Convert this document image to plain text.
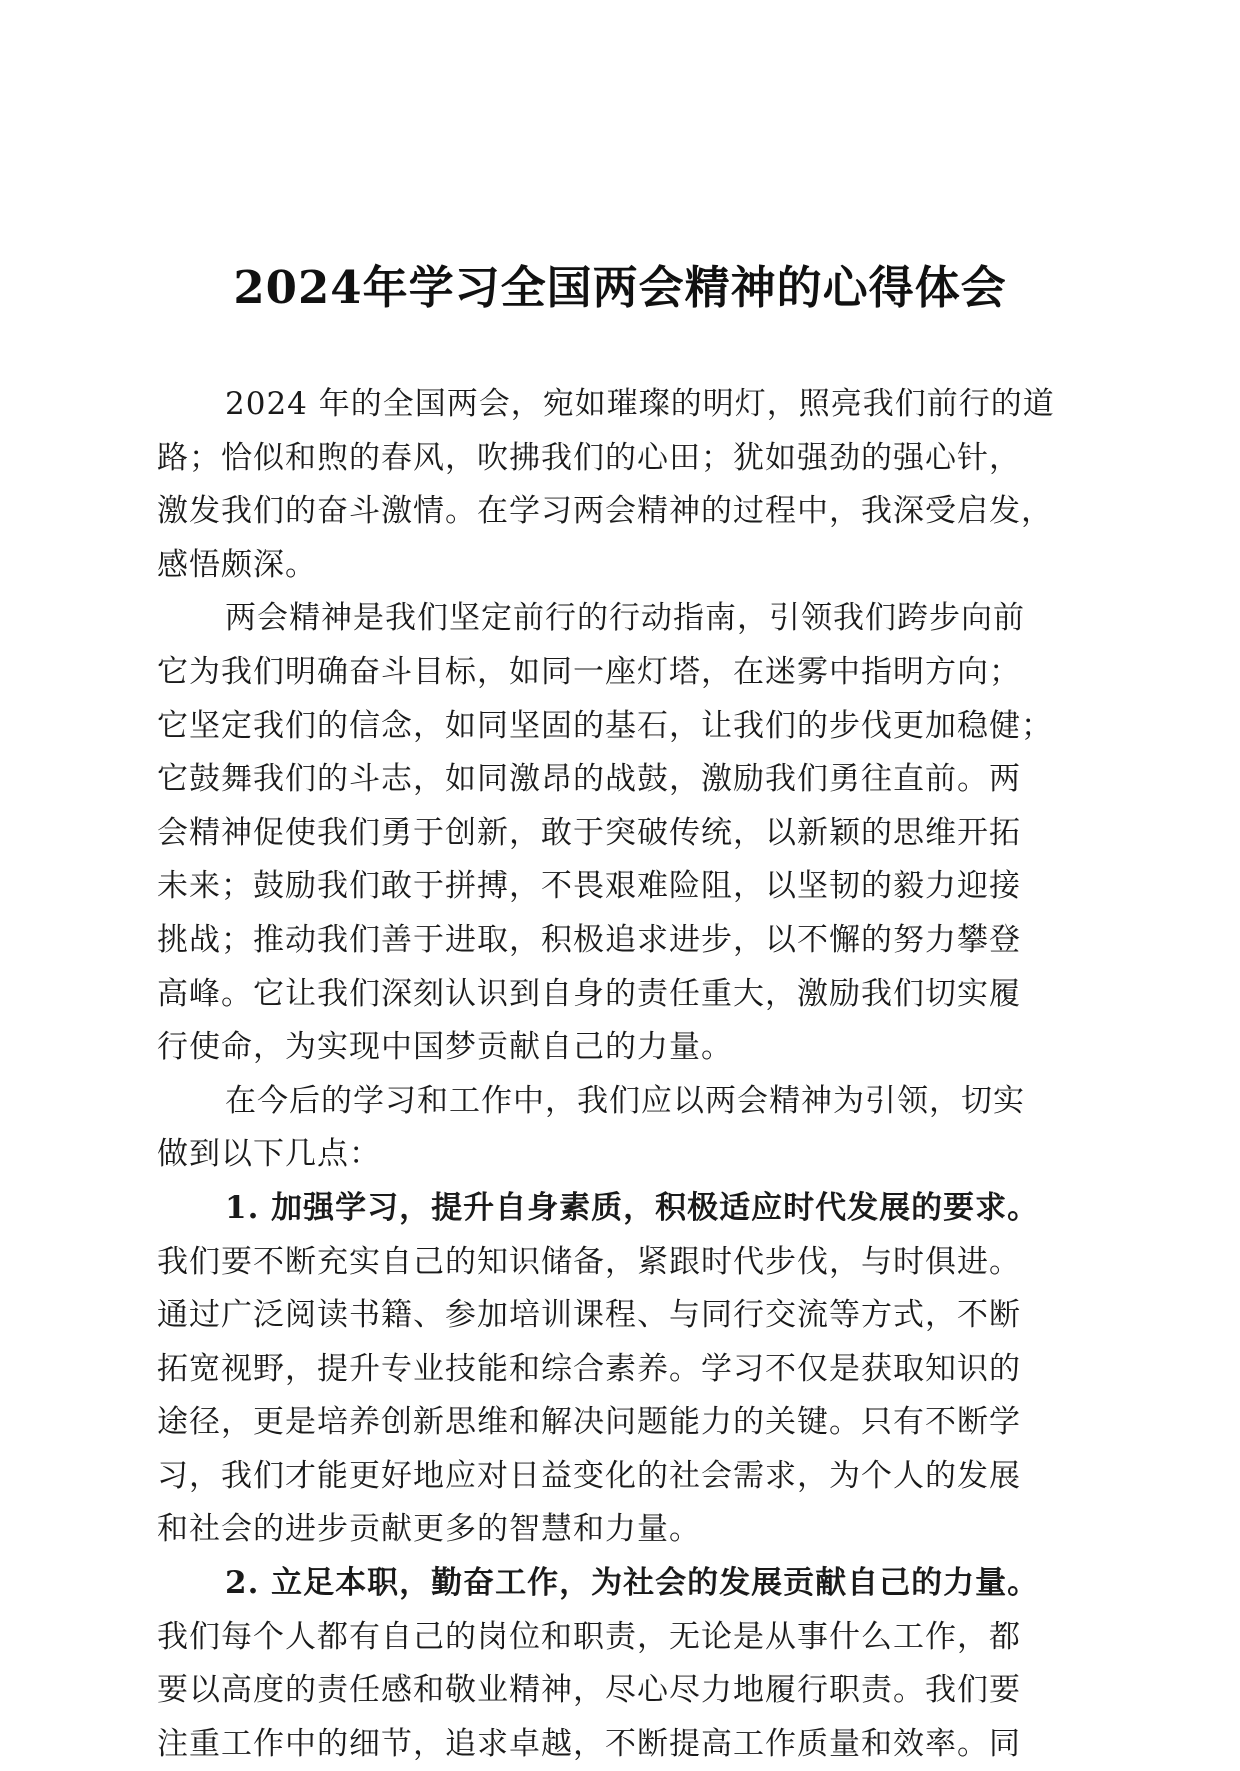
2024年学习全国两会精神的心得体会
2024 年的全国两会，宛如璀璨的明灯，照亮我们前行的道
路；恰似和煦的春风，吹拂我们的心田；犹如强劲的强心针，
激发我们的奋斗激情。在学习两会精神的过程中，我深受启发，
感悟颇深。
两会精神是我们坚定前行的行动指南，引领我们跨步向前
它为我们明确奋斗目标，如同一座灯塔，在迷雾中指明方向；
它坚定我们的信念，如同坚固的基石，让我们的步伐更加稳健；
它鼓舞我们的斗志，如同激昂的战鼓，激励我们勇往直前。两
会精神促使我们勇于创新，敢于突破传统，以新颖的思维开拓
未来；鼓励我们敢于拼搏，不畏艰难险阻，以坚韧的毅力迎接
挑战；推动我们善于进取，积极追求进步，以不懈的努力攀登
高峰。它让我们深刻认识到自身的责任重大，激励我们切实履
行使命，为实现中国梦贡献自己的力量。
在今后的学习和工作中，我们应以两会精神为引领，切实
做到以下几点：
1. 加强学习，提升自身素质，积极适应时代发展的要求。
我们要不断充实自己的知识储备，紧跟时代步伐，与时俱进。
通过广泛阅读书籍、参加培训课程、与同行交流等方式，不断
拓宽视野，提升专业技能和综合素养。学习不仅是获取知识的
途径，更是培养创新思维和解决问题能力的关键。只有不断学
习，我们才能更好地应对日益变化的社会需求，为个人的发展
和社会的进步贡献更多的智慧和力量。
2. 立足本职，勤奋工作，为社会的发展贡献自己的力量。
我们每个人都有自己的岗位和职责，无论是从事什么工作，都
要以高度的责任感和敬业精神，尽心尽力地履行职责。我们要
注重工作中的细节，追求卓越，不断提高工作质量和效率。同
